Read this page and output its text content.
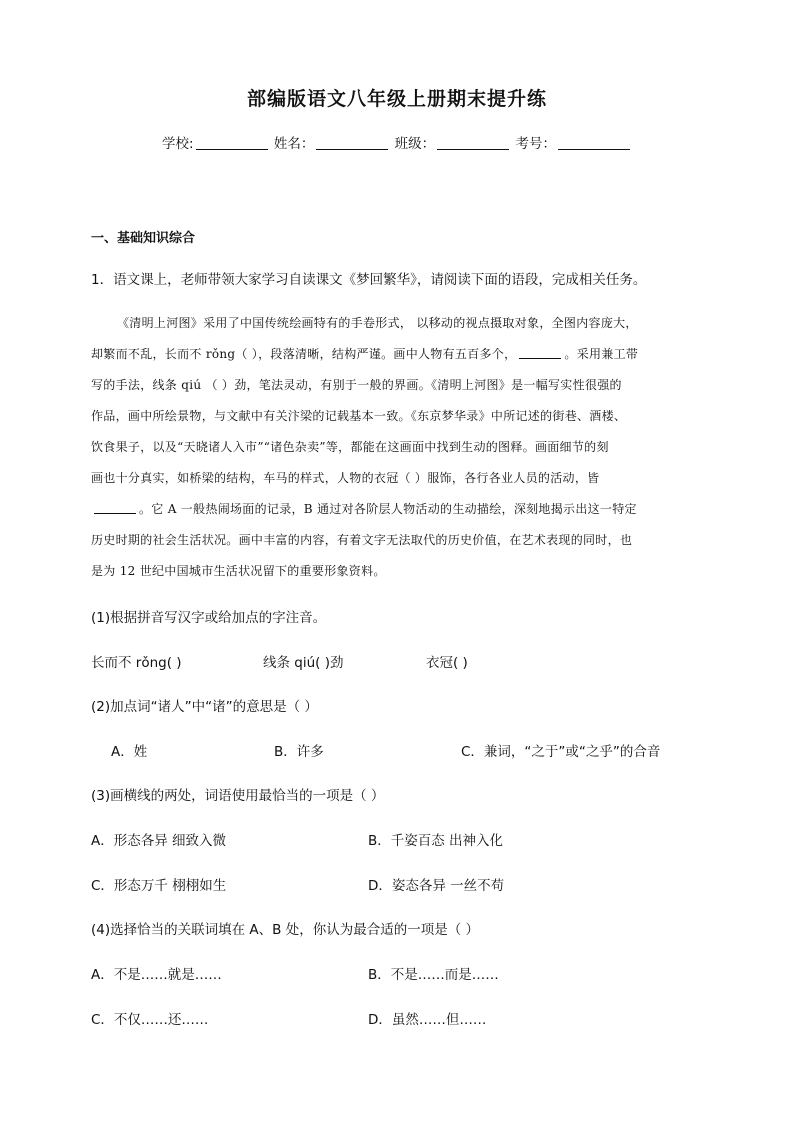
部编版语文八年级上册期末提升练
学校:	姓名：	班级：	考号：
一、基础知识综合
1．语文课上，老师带领大家学习自读课文《梦回繁华》，请阅读下面的语段，完成相关任务。
《清明上河图》采用了中国传统绘画特有的手卷形式， 以移动的视点摄取对象，全图内容庞大，
却繁而不乱，长而不 rǒng（ ），段落清晰，结构严谨。画中人物有五百多个，	。采用兼工带
写的手法，线条 qiú （ ）劲，笔法灵动，有别于一般的界画。《清明上河图》是一幅写实性很强的
作品，画中所绘景物，与文献中有关汴梁的记载基本一致。《东京梦华录》中所记述的街巷、酒楼、
饮食果子，以及“天晓诸人入市”“诸色杂卖”等，都能在这画面中找到生动的图释。画面细节的刻
画也十分真实，如桥梁的结构，车马的样式，人物的衣冠（ ）服饰，各行各业人员的活动，皆
。它 A 一般热闹场面的记录，B 通过对各阶层人物活动的生动描绘，深刻地揭示出这一特定
历史时期的社会生活状况。画中丰富的内容，有着文字无法取代的历史价值，在艺术表现的同时，也
是为 12 世纪中国城市生活状况留下的重要形象资料。
(1)根据拼音写汉字或给加点的字注音。
长而不 rǒng( )	线条 qiú( )劲	衣冠( )
(2)加点词“诸人”中“诸”的意思是（ ）
A．姓	B．许多	C．兼词，“之于”或“之乎”的合音
(3)画横线的两处，词语使用最恰当的一项是（ ）
A．形态各异 细致入微	B．千姿百态 出神入化
C．形态万千 栩栩如生	D．姿态各异 一丝不苟
(4)选择恰当的关联词填在 A、B 处，你认为最合适的一项是（ ）
A．不是……就是……	B．不是……而是……
C．不仅……还……	D．虽然……但……
